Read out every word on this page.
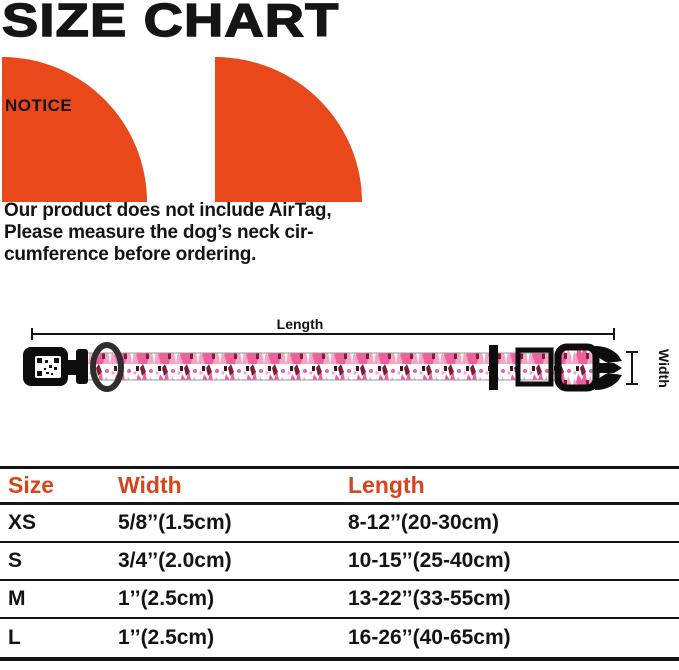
SIZE CHART
NOTICE
Our product does not include AirTag,
Please measure the dog’s neck cir-
cumference before ordering.
Length
Width
Size	Width	Length
XS	5/8’’(1.5cm)	8-12’’(20-30cm)
S	3/4’’(2.0cm)	10-15’’(25-40cm)
M	1’’(2.5cm)	13-22’’(33-55cm)
L	1’’(2.5cm)	16-26’’(40-65cm)
